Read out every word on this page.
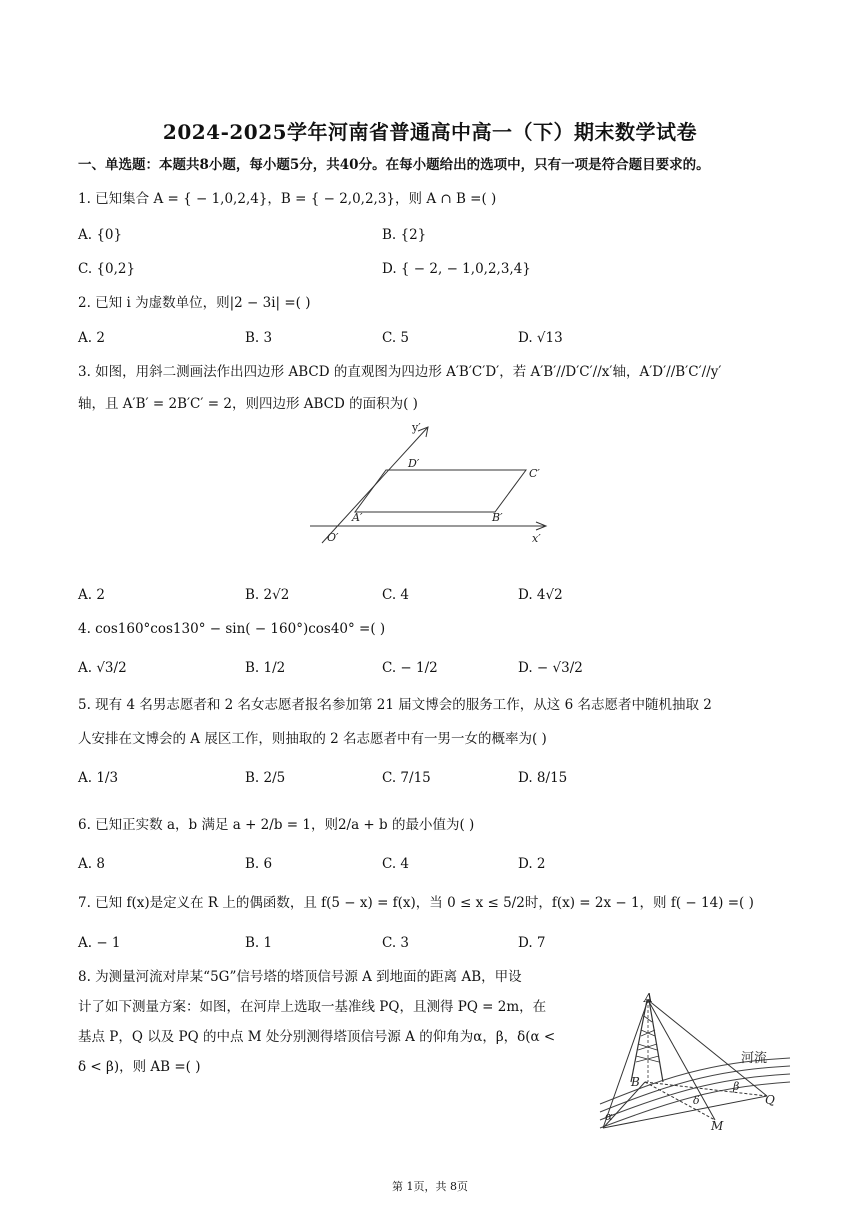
2024-2025学年河南省普通高中高一（下）期末数学试卷
一、单选题：本题共8小题，每小题5分，共40分。在每小题给出的选项中，只有一项是符合题目要求的。
1. 已知集合 A = { − 1,0,2,4}，B = { − 2,0,2,3}，则 A ∩ B =( )
A. {0}	B. {2}
C. {0,2}	D. { − 2, − 1,0,2,3,4}
2. 已知 i 为虚数单位，则|2 − 3i| =( )
A. 2	B. 3	C. 5	D. √13
3. 如图，用斜二测画法作出四边形 ABCD 的直观图为四边形 A′B′C′D′，若 A′B′//D′C′//x′轴，A′D′//B′C′//y′
轴，且 A′B′ = 2B′C′ = 2，则四边形 ABCD 的面积为( )
y′
x′
O′
A′	B′
C′
D′
A. 2	B. 2√2	C. 4	D. 4√2
4. cos160°cos130° − sin( − 160°)cos40° =( )
A. √3/2	B. 1/2	C. − 1/2	D. − √3/2
5. 现有 4 名男志愿者和 2 名女志愿者报名参加第 21 届文博会的服务工作，从这 6 名志愿者中随机抽取 2
人安排在文博会的 A 展区工作，则抽取的 2 名志愿者中有一男一女的概率为( )
A. 1/3	B. 2/5	C. 7/15	D. 8/15
6. 已知正实数 a，b 满足 a + 2/b = 1，则2/a + b 的最小值为( )
A. 8	B. 6	C. 4	D. 2
7. 已知 f(x)是定义在 R 上的偶函数，且 f(5 − x) = f(x)，当 0 ≤ x ≤ 5/2时，f(x) = 2x − 1，则 f( − 14) =( )
A. − 1	B. 1	C. 3	D. 7
8. 为测量河流对岸某“5G”信号塔的塔顶信号源 A 到地面的距离 AB，甲设
计了如下测量方案：如图，在河岸上选取一基准线 PQ，且测得 PQ = 2m，在
基点 P，Q 以及 PQ 的中点 M 处分别测得塔顶信号源 A 的仰角为α，β，δ(α <
δ < β)，则 AB =( )
A
B
Q
M
河流
α
β
δ
第 1页，共 8页
